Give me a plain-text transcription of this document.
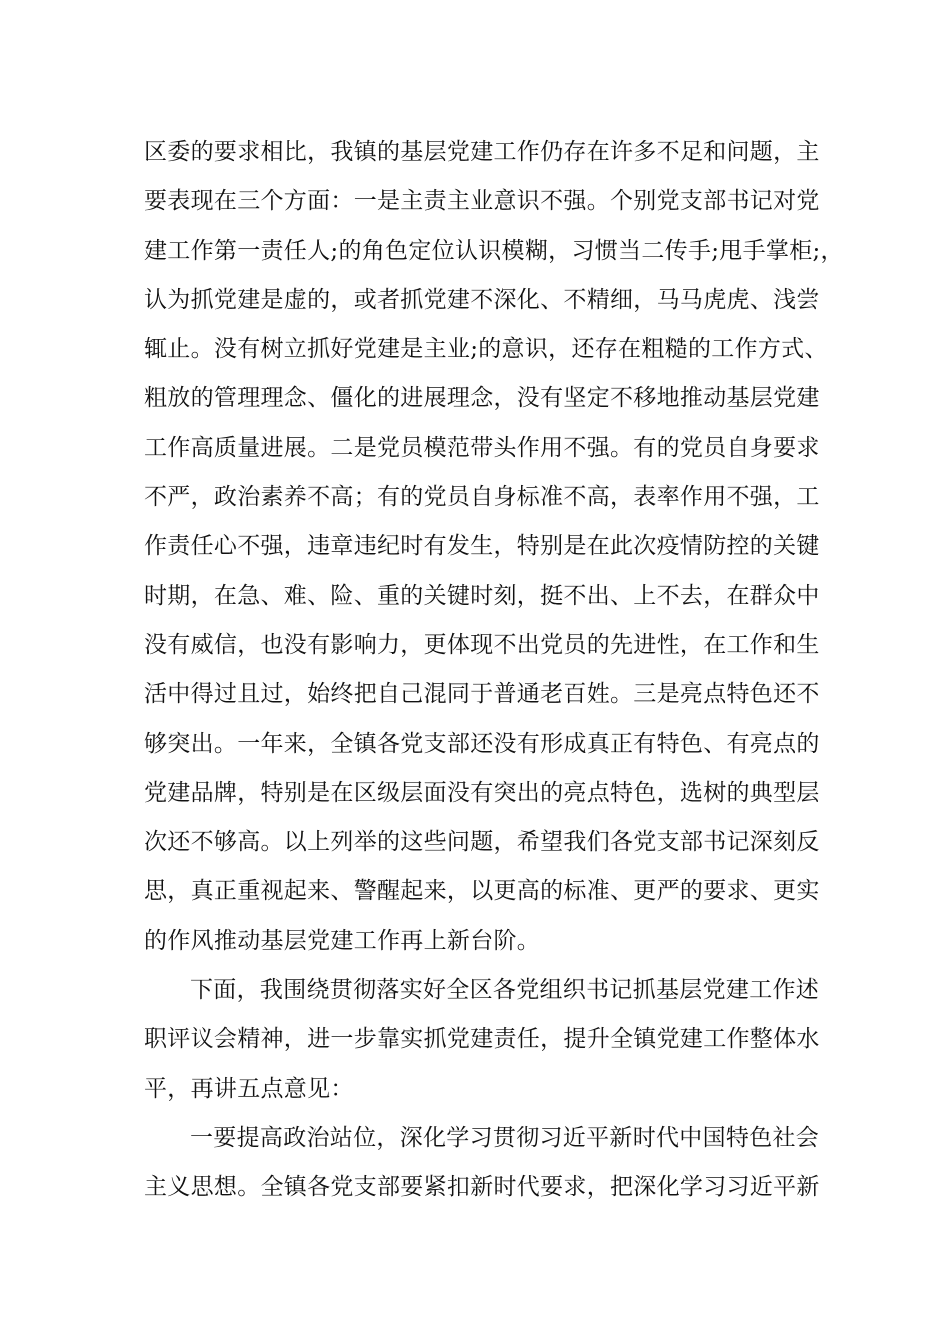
区委的要求相比，我镇的基层党建工作仍存在许多不足和问题，主
要表现在三个方面：一是主责主业意识不强。个别党支部书记对党
建工作第一责任人;的角色定位认识模糊，习惯当二传手;甩手掌柜;，
认为抓党建是虚的，或者抓党建不深化、不精细，马马虎虎、浅尝
辄止。没有树立抓好党建是主业;的意识，还存在粗糙的工作方式、
粗放的管理理念、僵化的进展理念，没有坚定不移地推动基层党建
工作高质量进展。二是党员模范带头作用不强。有的党员自身要求
不严，政治素养不高；有的党员自身标准不高，表率作用不强，工
作责任心不强，违章违纪时有发生，特别是在此次疫情防控的关键
时期，在急、难、险、重的关键时刻，挺不出、上不去，在群众中
没有威信，也没有影响力，更体现不出党员的先进性，在工作和生
活中得过且过，始终把自己混同于普通老百姓。三是亮点特色还不
够突出。一年来，全镇各党支部还没有形成真正有特色、有亮点的
党建品牌，特别是在区级层面没有突出的亮点特色，选树的典型层
次还不够高。以上列举的这些问题，希望我们各党支部书记深刻反
思，真正重视起来、警醒起来，以更高的标准、更严的要求、更实
的作风推动基层党建工作再上新台阶。
下面，我围绕贯彻落实好全区各党组织书记抓基层党建工作述
职评议会精神，进一步靠实抓党建责任，提升全镇党建工作整体水
平，再讲五点意见：
一要提高政治站位，深化学习贯彻习近平新时代中国特色社会
主义思想。全镇各党支部要紧扣新时代要求，把深化学习习近平新
